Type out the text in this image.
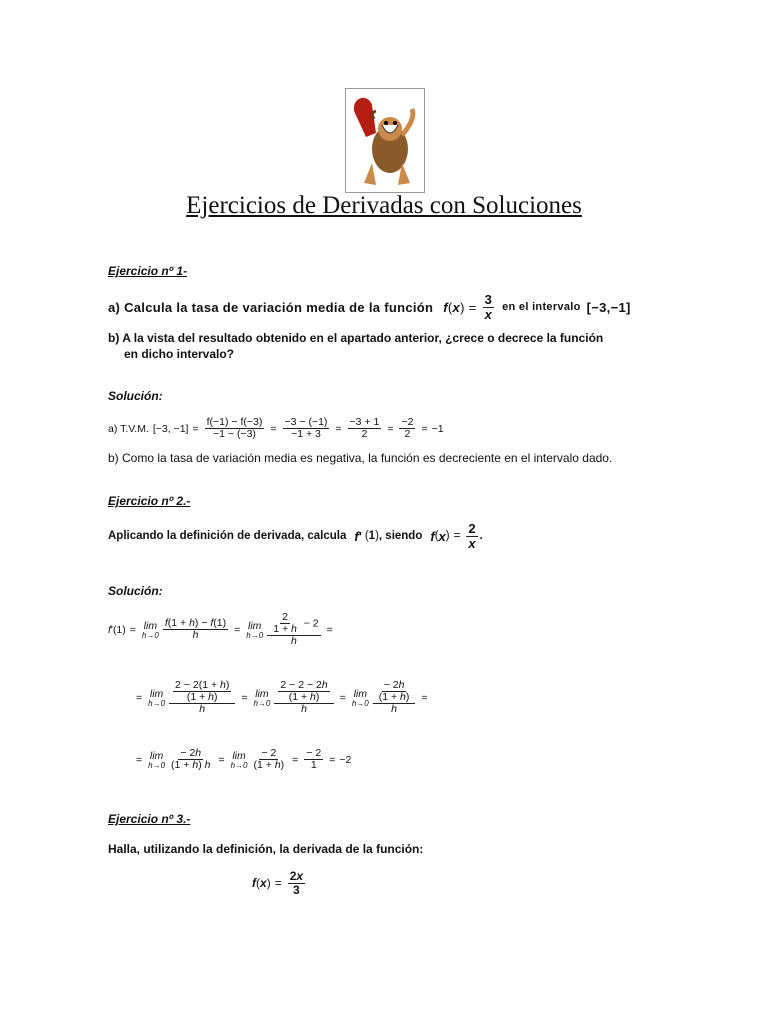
Ejercicios de Derivadas con Soluciones
Ejercicio nº 1-
a) Calcula la tasa de variación media de la función f ( x ) = $\frac{3}{x}$ en el intervalo [−3,−1]
b) A la vista del resultado obtenido en el apartado anterior, ¿crece o decrece la función
en dicho intervalo?
Solución:
a) T.V.M. [−3, $-1] = \frac{f(-1) - f(-3)}{-1 - (-3)} = \frac{-3 - (-1)}{-1 + 3} = \frac{-3 + 1}{2} = \frac{-2}{2} = -1$
b) Como la tasa de variación media es negativa, la función es decreciente en el intervalo dado.
Ejercicio nº 2.-
Aplicando la definición de derivada, calcula f ' ( 1 ) , siendo f ( x ) = $\frac{2}{x}$ .
Solución:
f ' (1) = lim
$h\to 0 \frac{f(1 + h) - f(1)}{h} = \lim$
$h\to 0 \frac{\frac{2}{1 + h} - 2}{h}$ =
= lim
$h\to 0 \frac{\frac{2 - 2(1 + h)}{(1 + h)}}{h} = \lim$
$h\to 0 \frac{\frac{2 - 2 - 2h}{(1 + h)}}{h} = \lim$
$h\to 0 \frac{\frac{- 2h}{(1 + h)}}{h}$ =
= lim
$h\to 0 \frac{- 2h}{(1 + h) h} = \lim$
$h\to 0 \frac{- 2}{(1 + h)} = \frac{- 2}{1} = -2$
Ejercicio nº 3.-
Halla, utilizando la definición, la derivada de la función:
f ( x ) = $\frac{2x}{3}$
